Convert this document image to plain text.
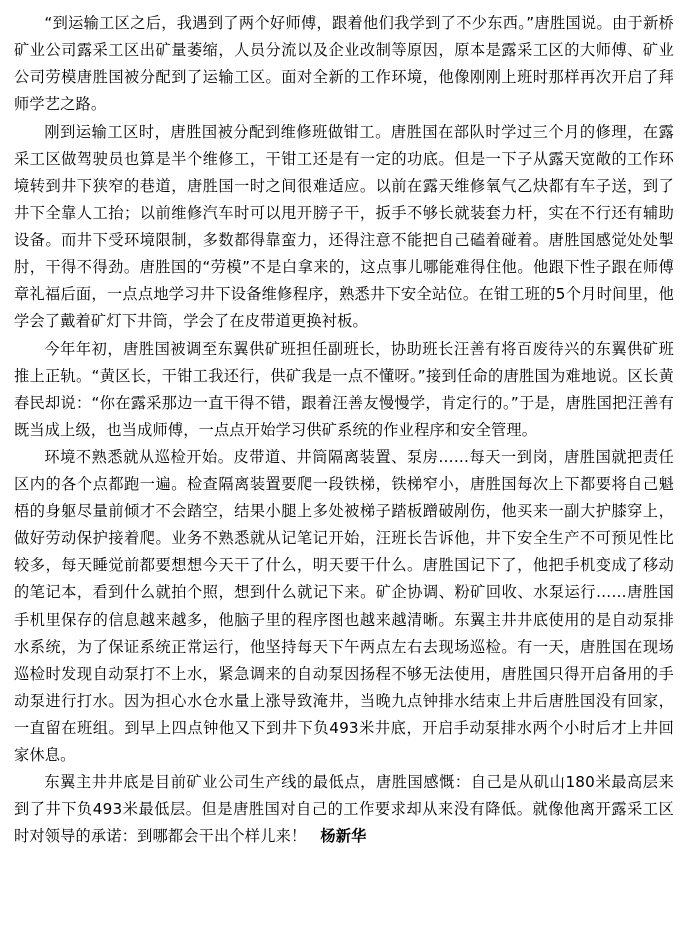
“到运输工区之后，我遇到了两个好师傅，跟着他们我学到了不少东西。”唐胜国说。由于新桥矿业公司露采工区出矿量萎缩，人员分流以及企业改制等原因，原本是露采工区的大师傅、矿业公司劳模唐胜国被分配到了运输工区。面对全新的工作环境，他像刚刚上班时那样再次开启了拜师学艺之路。

刚到运输工区时，唐胜国被分配到维修班做钳工。唐胜国在部队时学过三个月的修理，在露采工区做驾驶员也算是半个维修工，干钳工还是有一定的功底。但是一下子从露天宽敞的工作环境转到井下狭窄的巷道，唐胜国一时之间很难适应。以前在露天维修氧气乙炔都有车子送，到了井下全靠人工抬；以前维修汽车时可以甩开膀子干，扳手不够长就装套力杆，实在不行还有辅助设备。而井下受环境限制，多数都得靠蛮力，还得注意不能把自己磕着碰着。唐胜国感觉处处掣肘，干得不得劲。唐胜国的“劳模”不是白拿来的，这点事儿哪能难得住他。他跟下性子跟在师傅章礼福后面，一点点地学习井下设备维修程序，熟悉井下安全站位。在钳工班的5个月时间里，他学会了戴着矿灯下井筒，学会了在皮带道更换衬板。

今年年初，唐胜国被调至东翼供矿班担任副班长，协助班长汪善有将百废待兴的东翼供矿班推上正轨。“黄区长，干钳工我还行，供矿我是一点不懂呀。”接到任命的唐胜国为难地说。区长黄春民却说：“你在露采那边一直干得不错，跟着汪善友慢慢学，肯定行的。”于是，唐胜国把汪善有既当成上级，也当成师傅，一点点开始学习供矿系统的作业程序和安全管理。

环境不熟悉就从巡检开始。皮带道、井筒隔离装置、泵房……每天一到岗，唐胜国就把责任区内的各个点都跑一遍。检查隔离装置要爬一段铁梯，铁梯窄小，唐胜国每次上下都要将自己魁梧的身躯尽量前倾才不会踏空，结果小腿上多处被梯子踏板蹭破剐伤，他买来一副大护膝穿上，做好劳动保护接着爬。业务不熟悉就从记笔记开始，汪班长告诉他，井下安全生产不可预见性比较多，每天睡觉前都要想想今天干了什么，明天要干什么。唐胜国记下了，他把手机变成了移动的笔记本，看到什么就拍个照，想到什么就记下来。矿企协调、粉矿回收、水泵运行……唐胜国手机里保存的信息越来越多，他脑子里的程序图也越来越清晰。东翼主井井底使用的是自动泵排水系统，为了保证系统正常运行，他坚持每天下午两点左右去现场巡检。有一天，唐胜国在现场巡检时发现自动泵打不上水，紧急调来的自动泵因扬程不够无法使用，唐胜国只得开启备用的手动泵进行打水。因为担心水仓水量上涨导致淹井，当晚九点钟排水结束上井后唐胜国没有回家，一直留在班组。到早上四点钟他又下到井下负493米井底，开启手动泵排水两个小时后才上井回家休息。

东翼主井井底是目前矿业公司生产线的最低点，唐胜国感慨：自己是从矶山180米最高层来到了井下负493米最低层。但是唐胜国对自己的工作要求却从来没有降低。就像他离开露采工区时对领导的承诺：到哪都会干出个样儿来！ 杨新华
